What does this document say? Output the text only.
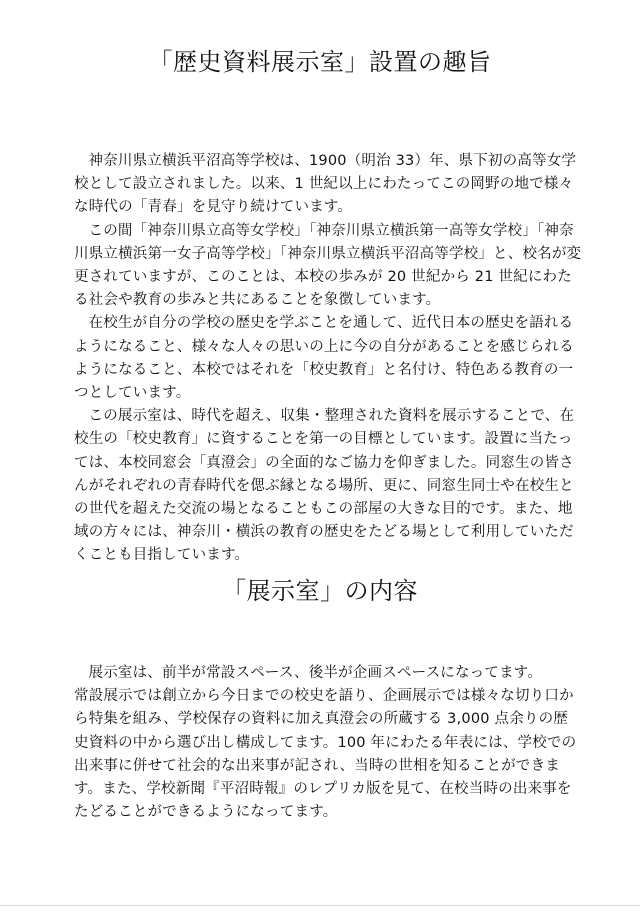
「歴史資料展示室」設置の趣旨

神奈川県立横浜平沼高等学校は、1900（明治 33）年、県下初の高等女学校として設立されました。以来、1 世紀以上にわたってこの岡野の地で様々な時代の「青春」を見守り続けています。

この間「神奈川県立高等女学校」「神奈川県立横浜第一高等女学校」「神奈川県立横浜第一女子高等学校」「神奈川県立横浜平沼高等学校」と、校名が変更されていますが、このことは、本校の歩みが 20 世紀から 21 世紀にわたる社会や教育の歩みと共にあることを象徴しています。

在校生が自分の学校の歴史を学ぶことを通して、近代日本の歴史を語れるようになること、様々な人々の思いの上に今の自分があることを感じられるようになること、本校ではそれを「校史教育」と名付け、特色ある教育の一つとしています。

この展示室は、時代を超え、収集・整理された資料を展示することで、在校生の「校史教育」に資することを第一の目標としています。設置に当たっては、本校同窓会「真澄会」の全面的なご協力を仰ぎました。同窓生の皆さんがそれぞれの青春時代を偲ぶ縁となる場所、更に、同窓生同士や在校生との世代を超えた交流の場となることもこの部屋の大きな目的です。また、地域の方々には、神奈川・横浜の教育の歴史をたどる場として利用していただくことも目指しています。

「展示室」の内容

展示室は、前半が常設スペース、後半が企画スペースになってます。

常設展示では創立から今日までの校史を語り、企画展示では様々な切り口から特集を組み、学校保存の資料に加え真澄会の所蔵する 3,000 点余りの歴史資料の中から選び出し構成してます。100 年にわたる年表には、学校での出来事に併せて社会的な出来事が記され、当時の世相を知ることができます。また、学校新聞『平沼時報』のレプリカ版を見て、在校当時の出来事をたどることができるようになってます。
